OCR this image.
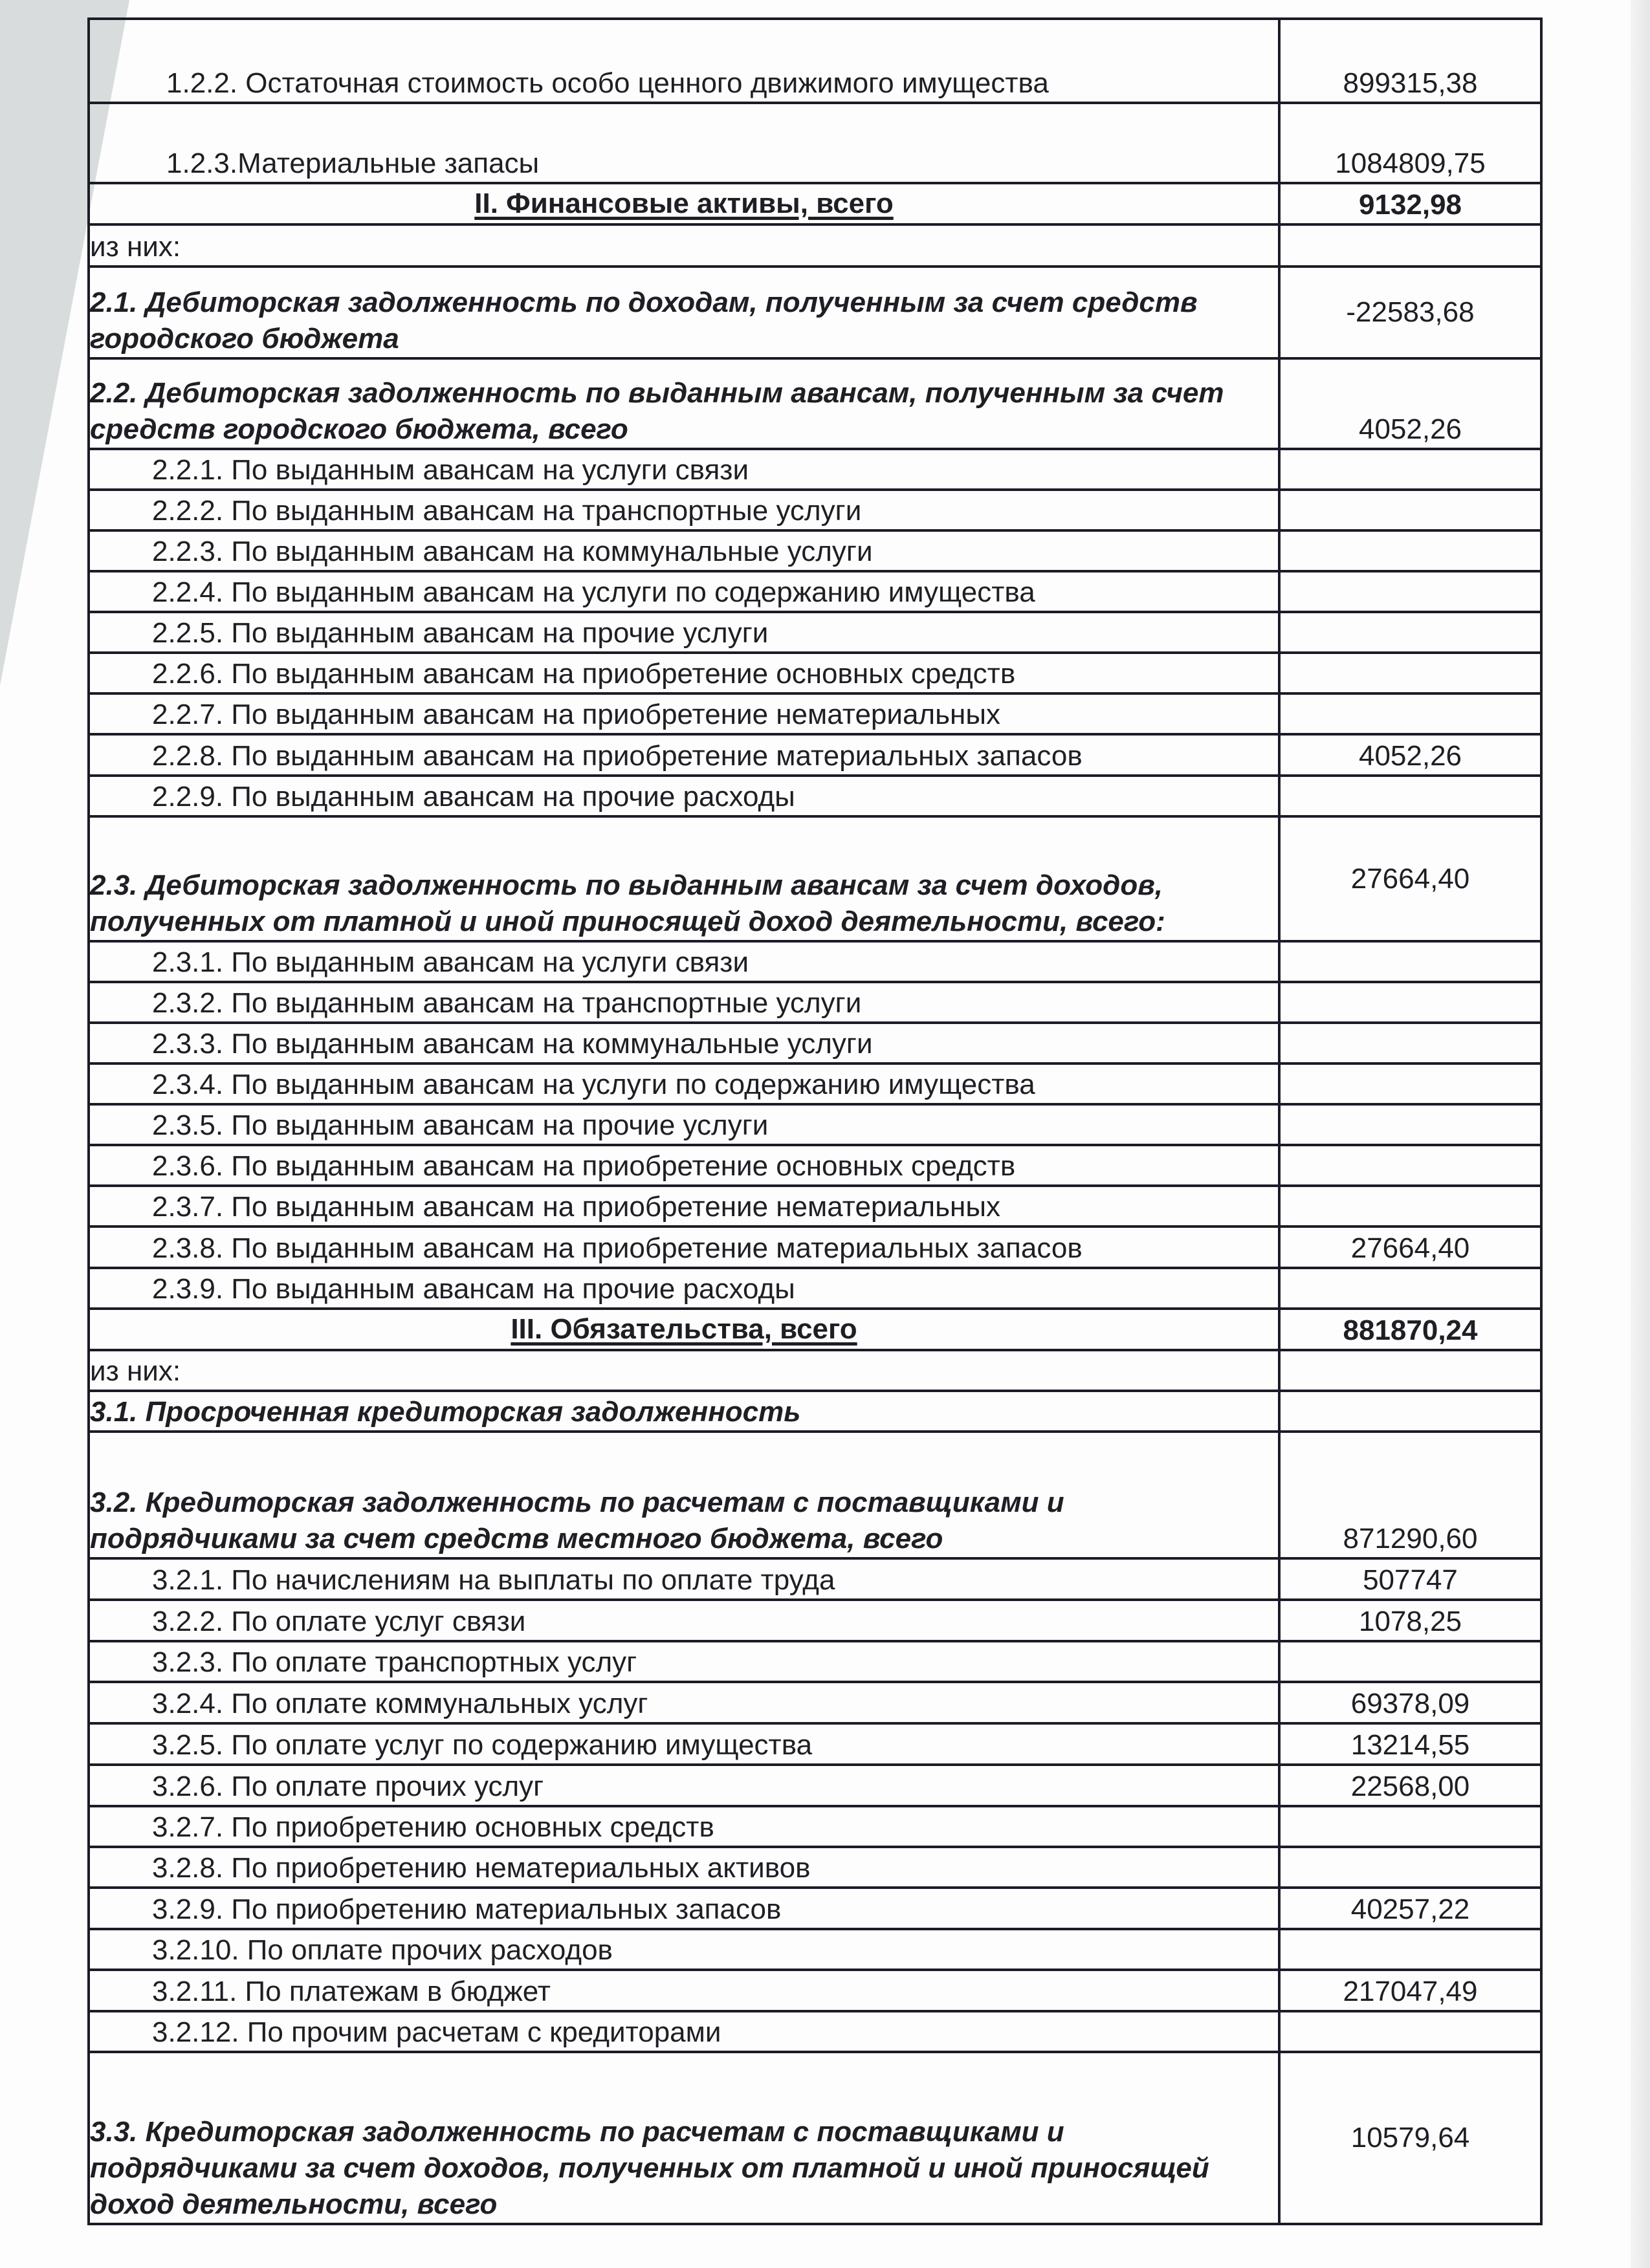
1.2.2. Остаточная стоимость особо ценного движимого имущества	899315,38
1.2.3.Материальные запасы	1084809,75
II. Финансовые активы, всего	9132,98
из них:	
2.1. Дебиторская задолженность по доходам, полученным за счет средств городского бюджета	-22583,68
2.2. Дебиторская задолженность по выданным авансам, полученным за счет средств городского бюджета, всего	4052,26
2.2.1. По выданным авансам на услуги связи	
2.2.2. По выданным авансам на транспортные услуги	
2.2.3. По выданным авансам на коммунальные услуги	
2.2.4. По выданным авансам на услуги по содержанию имущества	
2.2.5. По выданным авансам на прочие услуги	
2.2.6. По выданным авансам на приобретение основных средств	
2.2.7. По выданным авансам на приобретение нематериальных	
2.2.8. По выданным авансам на приобретение материальных запасов	4052,26
2.2.9. По выданным авансам на прочие расходы	
2.3. Дебиторская задолженность по выданным авансам за счет доходов, полученных от платной и иной приносящей доход деятельности, всего:	27664,40
2.3.1. По выданным авансам на услуги связи	
2.3.2. По выданным авансам на транспортные услуги	
2.3.3. По выданным авансам на коммунальные услуги	
2.3.4. По выданным авансам на услуги по содержанию имущества	
2.3.5. По выданным авансам на прочие услуги	
2.3.6. По выданным авансам на приобретение основных средств	
2.3.7. По выданным авансам на приобретение нематериальных	
2.3.8. По выданным авансам на приобретение материальных запасов	27664,40
2.3.9. По выданным авансам на прочие расходы	
III. Обязательства, всего	881870,24
из них:	
3.1. Просроченная кредиторская задолженность	
3.2. Кредиторская задолженность по расчетам с поставщиками и подрядчиками за счет средств местного бюджета, всего	871290,60
3.2.1. По начислениям на выплаты по оплате труда	507747
3.2.2. По оплате услуг связи	1078,25
3.2.3. По оплате транспортных услуг	
3.2.4. По оплате коммунальных услуг	69378,09
3.2.5. По оплате услуг по содержанию имущества	13214,55
3.2.6. По оплате прочих услуг	22568,00
3.2.7. По приобретению основных средств	
3.2.8. По приобретению нематериальных активов	
3.2.9. По приобретению материальных запасов	40257,22
3.2.10. По оплате прочих расходов	
3.2.11. По платежам в бюджет	217047,49
3.2.12. По прочим расчетам с кредиторами	
3.3. Кредиторская задолженность по расчетам с поставщиками и подрядчиками за счет доходов, полученных от платной и иной приносящей доход деятельности, всего	10579,64
